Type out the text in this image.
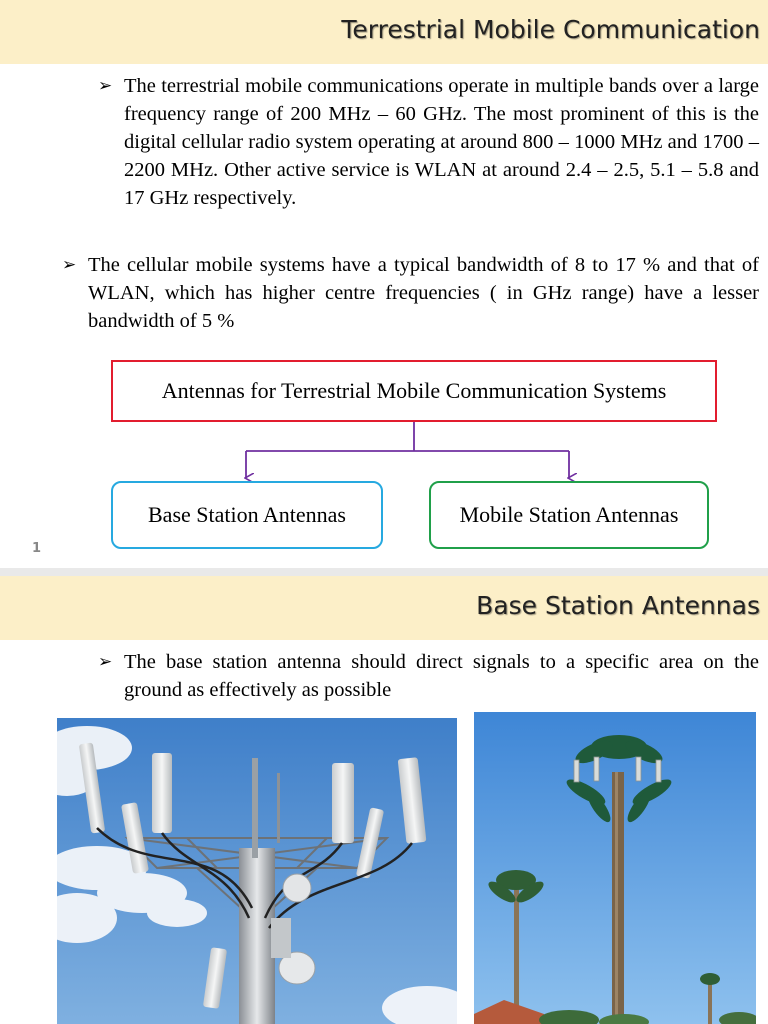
Terrestrial Mobile Communication
➢ The terrestrial mobile communications operate in multiple bands over a large frequency range of 200 MHz – 60 GHz. The most prominent of this is the digital cellular radio system operating at around 800 – 1000 MHz and 1700 – 2200 MHz. Other active service is WLAN at around 2.4 – 2.5, 5.1 – 5.8 and 17 GHz respectively.
➢ The cellular mobile systems have a typical bandwidth of 8 to 17 % and that of WLAN, which has higher centre frequencies ( in GHz range) have a lesser bandwidth of 5 %
Antennas for Terrestrial Mobile Communication Systems
Base Station Antennas	Mobile Station Antennas
1
Base Station Antennas
➢ The base station antenna should direct signals to a specific area on the ground as effectively as possible
